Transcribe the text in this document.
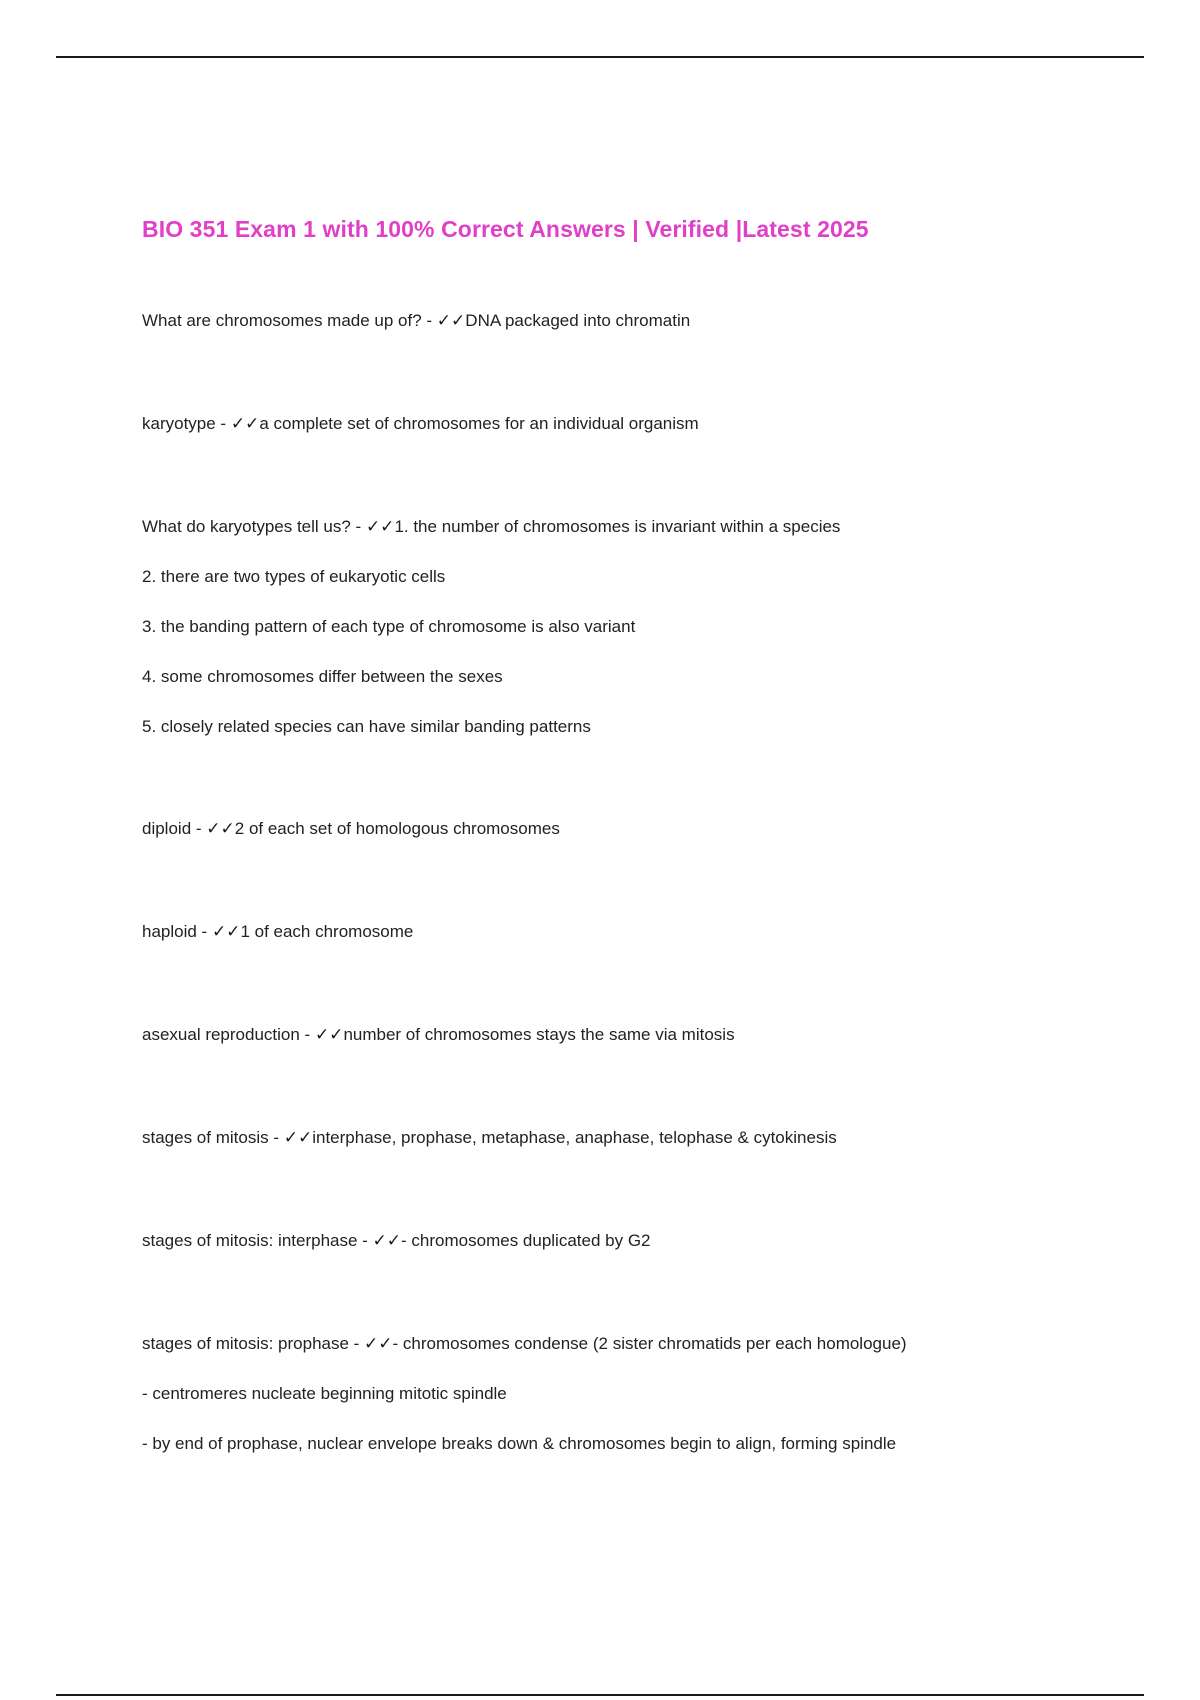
BIO 351 Exam 1 with 100% Correct Answers | Verified |Latest 2025

What are chromosomes made up of? - ✓✓DNA packaged into chromatin

karyotype - ✓✓a complete set of chromosomes for an individual organism

What do karyotypes tell us? - ✓✓1. the number of chromosomes is invariant within a species

2. there are two types of eukaryotic cells

3. the banding pattern of each type of chromosome is also variant

4. some chromosomes differ between the sexes

5. closely related species can have similar banding patterns

diploid - ✓✓2 of each set of homologous chromosomes

haploid - ✓✓1 of each chromosome

asexual reproduction - ✓✓number of chromosomes stays the same via mitosis

stages of mitosis - ✓✓interphase, prophase, metaphase, anaphase, telophase & cytokinesis

stages of mitosis: interphase - ✓✓- chromosomes duplicated by G2

stages of mitosis: prophase - ✓✓- chromosomes condense (2 sister chromatids per each homologue)

- centromeres nucleate beginning mitotic spindle

- by end of prophase, nuclear envelope breaks down & chromosomes begin to align, forming spindle
